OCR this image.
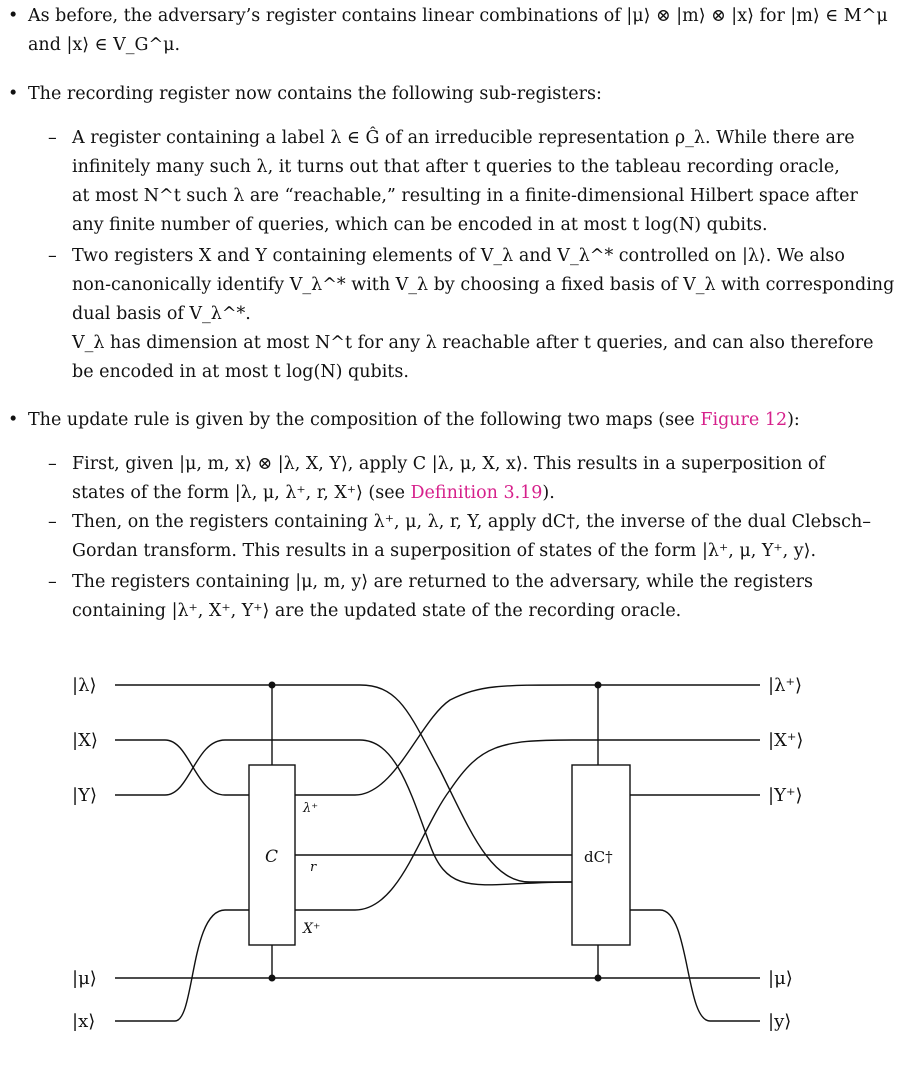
• As before, the adversary’s register contains linear combinations of |μ⟩ ⊗ |m⟩ ⊗ |x⟩ for |m⟩ ∈ M^μ
and |x⟩ ∈ V_G^μ.
• The recording register now contains the following sub-registers:
– A register containing a label λ ∈ Ĝ of an irreducible representation ρ_λ. While there are
infinitely many such λ, it turns out that after t queries to the tableau recording oracle,
at most N^t such λ are “reachable,” resulting in a finite-dimensional Hilbert space after
any finite number of queries, which can be encoded in at most t log(N) qubits.
– Two registers X and Y containing elements of V_λ and V_λ^* controlled on |λ⟩. We also
non-canonically identify V_λ^* with V_λ by choosing a fixed basis of V_λ with corresponding
dual basis of V_λ^*.
V_λ has dimension at most N^t for any λ reachable after t queries, and can also therefore
be encoded in at most t log(N) qubits.
• The update rule is given by the composition of the following two maps (see Figure 12):
– First, given |μ, m, x⟩ ⊗ |λ, X, Y⟩, apply C |λ, μ, X, x⟩. This results in a superposition of
states of the form |λ, μ, λ⁺, r, X⁺⟩ (see Definition 3.19).
– Then, on the registers containing λ⁺, μ, λ, r, Y, apply dC†, the inverse of the dual Clebsch–
Gordan transform. This results in a superposition of states of the form |λ⁺, μ, Y⁺, y⟩.
– The registers containing |μ, m, y⟩ are returned to the adversary, while the registers
containing |λ⁺, X⁺, Y⁺⟩ are the updated state of the recording oracle.
|λ⟩
|X⟩
|Y⟩
|μ⟩
|x⟩
|λ⁺⟩
|X⁺⟩
|Y⁺⟩
|μ⟩
|y⟩
C	dC†
λ⁺
r
X⁺
